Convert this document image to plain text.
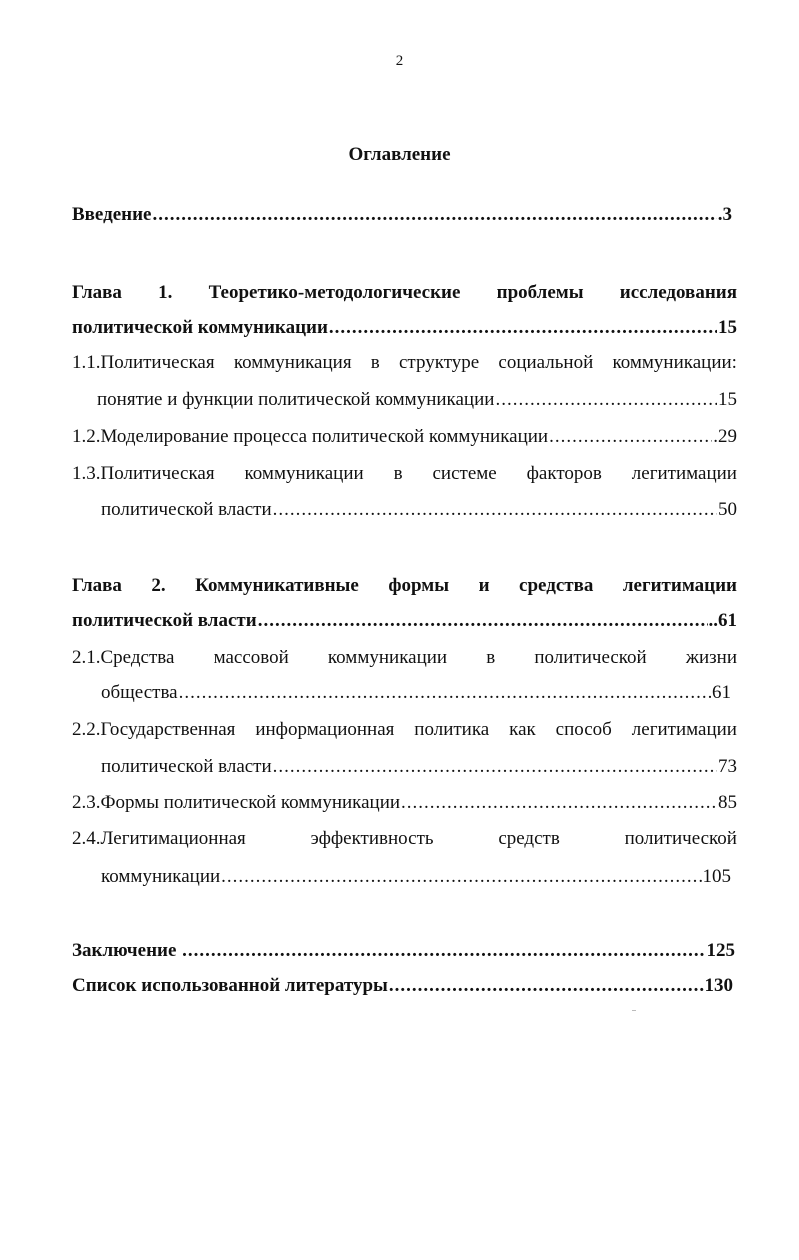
2
Оглавление
Введение .....	.3
Глава 1. Теоретико-методологические проблемы исследования
политической коммуникации .....	15
1.1.Политическая коммуникация в структуре социальной коммуникации:
понятие и функции политической коммуникации .....	15
1.2.Моделирование процесса политической коммуникации .....	.29
1.3.Политическая коммуникации в системе факторов легитимации
политической власти .....	50
Глава 2. Коммуникативные формы и средства легитимации
политической власти .....	..61
2.1.Средства массовой коммуникации в политической жизни
общества .....	61
2.2.Государственная информационная политика как способ легитимации
политической власти .....	73
2.3.Формы политической коммуникации .....	85
2.4.Легитимационная	эффективность	средств	политической
коммуникации .....	105
Заключение .....	125
Список использованной литературы .....	130
